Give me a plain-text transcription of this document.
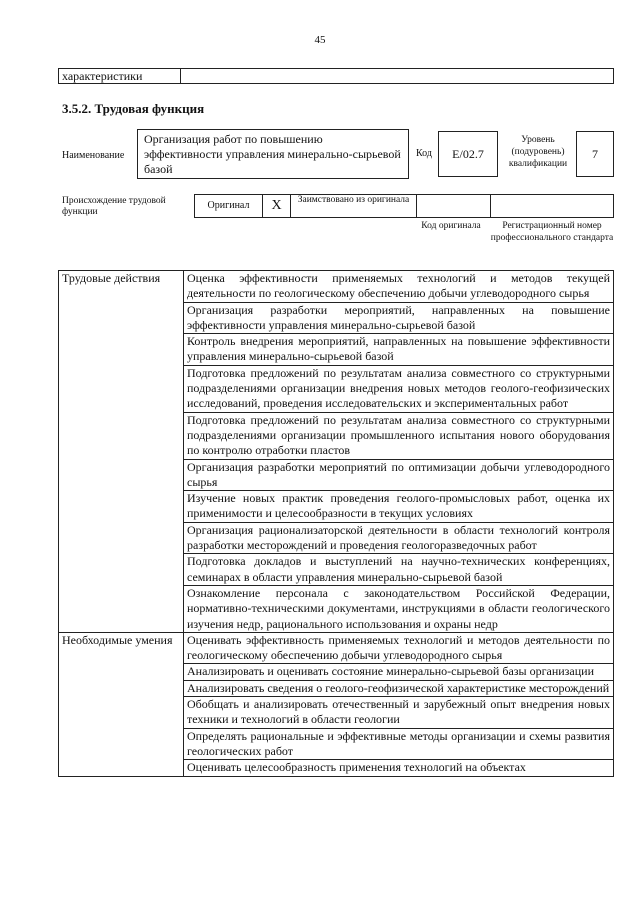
45
характеристики
3.5.2. Трудовая функция
Наименование
Организация работ по повышению эффективности управления минерально-сырьевой базой
Код	E/02.7
Уровень (подуровень) квалификации
7
Происхождение трудовой функции
Оригинал	X	Заимствовано из оригинала
Код оригинала	Регистрационный номер профессионального стандарта
Трудовые действия	Оценка эффективности применяемых технологий и методов текущей деятельности по геологическому обеспечению добычи углеводородного сырья
	Организация разработки мероприятий, направленных на повышение эффективности управления минерально-сырьевой базой
	Контроль внедрения мероприятий, направленных на повышение эффективности управления минерально-сырьевой базой
	Подготовка предложений по результатам анализа совместного со структурными подразделениями организации внедрения новых методов геолого-геофизических исследований, проведения исследовательских и экспериментальных работ
	Подготовка предложений по результатам анализа совместного со структурными подразделениями организации промышленного испытания нового оборудования по контролю отработки пластов
	Организация разработки мероприятий по оптимизации добычи углеводородного сырья
	Изучение новых практик проведения геолого-промысловых работ, оценка их применимости и целесообразности в текущих условиях
	Организация рационализаторской деятельности в области технологий контроля разработки месторождений и проведения геологоразведочных работ
	Подготовка докладов и выступлений на научно-технических конференциях, семинарах в области управления минерально-сырьевой базой
	Ознакомление персонала с законодательством Российской Федерации, нормативно-техническими документами, инструкциями в области геологического изучения недр, рационального использования и охраны недр
Необходимые умения	Оценивать эффективность применяемых технологий и методов деятельности по геологическому обеспечению добычи углеводородного сырья
	Анализировать и оценивать состояние минерально-сырьевой базы организации
	Анализировать сведения о геолого-геофизической характеристике месторождений
	Обобщать и анализировать отечественный и зарубежный опыт внедрения новых техники и технологий в области геологии
	Определять рациональные и эффективные методы организации и схемы развития геологических работ
	Оценивать целесообразность применения технологий на объектах
